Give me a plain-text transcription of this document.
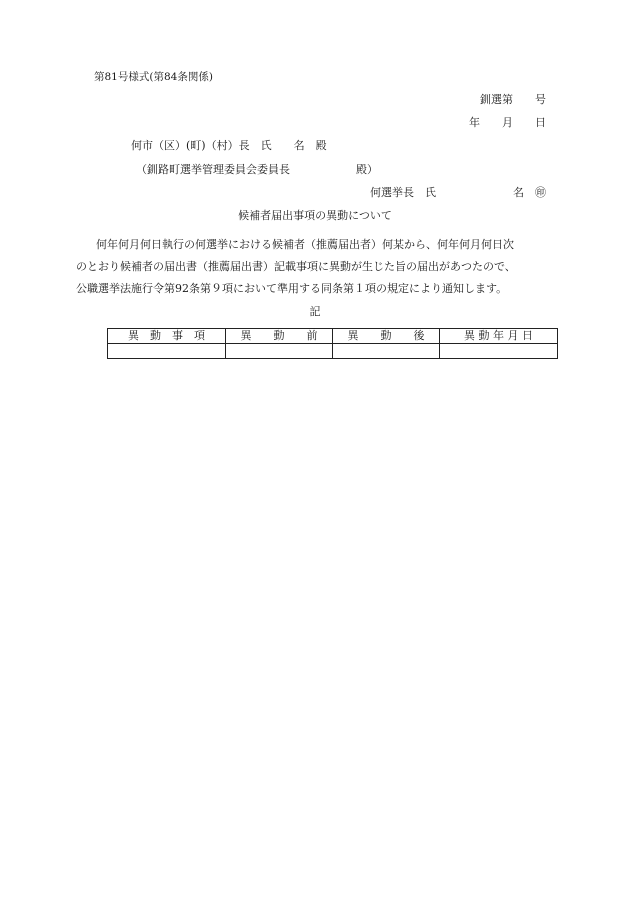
第81号様式(第84条関係)
釧選第　　号
年　　月　　日
何市（区）(町)（村）長　氏　　名　殿
（釧路町選挙管理委員会委員長　　　　　　殿）
何選挙長　氏　　　　　　　名　㊞
候補者届出事項の異動について

何年何月何日執行の何選挙における候補者（推薦届出者）何某から、何年何月何日次

のとおり候補者の届出書（推薦届出書）記載事項に異動が生じた旨の届出があつたので、

公職選挙法施行令第92条第９項において準用する同条第１項の規定により通知します。

記
異　動　事　項	異　　動　　前	異　　動　　後	異 動 年 月 日
